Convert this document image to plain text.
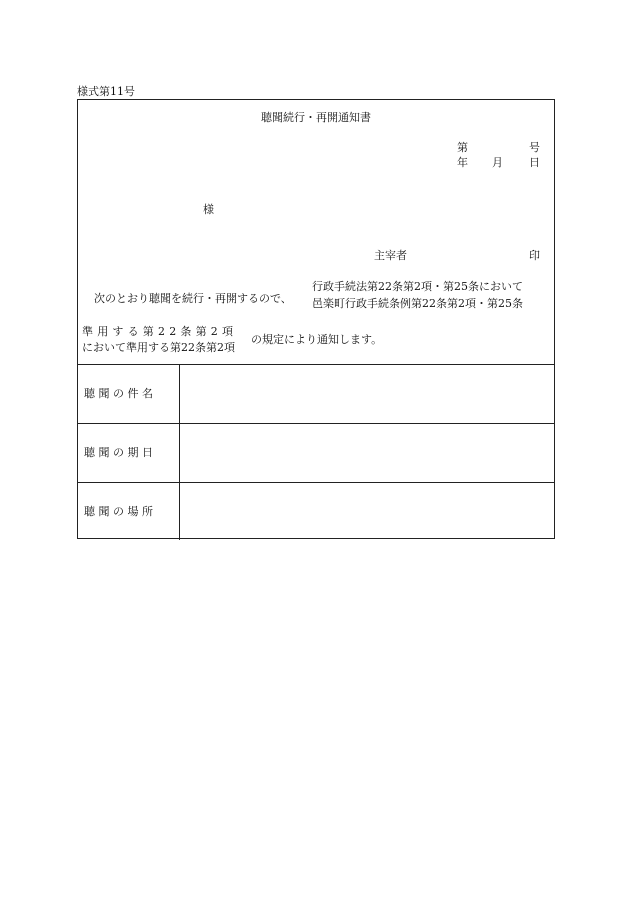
様式第11号
聴聞続行・再開通知書
第	号
年 月 日
様
主宰者	印
次のとおり聴聞を続行・再開するので、
行政手続法第22条第2項・第25条において
邑楽町行政手続条例第22条第2項・第25条
準用する第22条第2項
において準用する第22条第2項
の規定により通知します。
聴 聞 の 件 名
聴 聞 の 期 日
聴 聞 の 場 所
